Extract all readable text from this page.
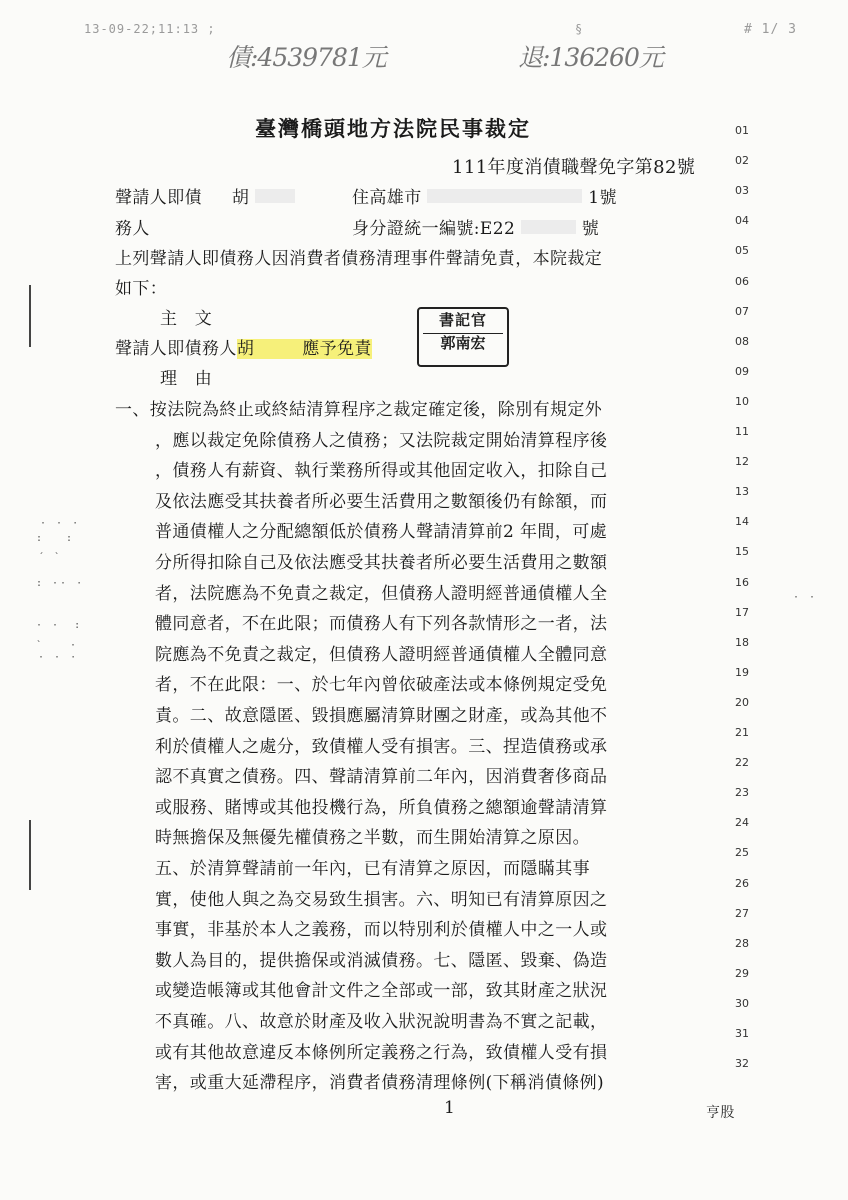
13-09-22;11:13 ;	§	# 1/ 3
債:4539781元	退:136260元
臺灣橋頭地方法院民事裁定
111年度消債職聲免字第82號
聲請人即債 胡	住高雄市	1號
務人	身分證統一編號:E22	號
上列聲請人即債務人因消費者債務清理事件聲請免責，本院裁定
如下：
主　文
聲請人即債務人胡	應予免責
書記官
郭南宏
理　由
一、按法院為終止或終結清算程序之裁定確定後，除別有規定外
，應以裁定免除債務人之債務；又法院裁定開始清算程序後
，債務人有薪資、執行業務所得或其他固定收入，扣除自己
及依法應受其扶養者所必要生活費用之數額後仍有餘額，而
普通債權人之分配總額低於債務人聲請清算前2 年間，可處
分所得扣除自己及依法應受其扶養者所必要生活費用之數額
者，法院應為不免責之裁定，但債務人證明經普通債權人全
體同意者，不在此限；而債務人有下列各款情形之一者，法
院應為不免責之裁定，但債務人證明經普通債權人全體同意
者，不在此限：一、於七年內曾依破產法或本條例規定受免
責。二、故意隱匿、毀損應屬清算財團之財產，或為其他不
利於債權人之處分，致債權人受有損害。三、捏造債務或承
認不真實之債務。四、聲請清算前二年內，因消費奢侈商品
或服務、賭博或其他投機行為，所負債務之總額逾聲請清算
時無擔保及無優先權債務之半數，而生開始清算之原因。
五、於清算聲請前一年內，已有清算之原因，而隱瞞其事
實，使他人與之為交易致生損害。六、明知已有清算原因之
事實，非基於本人之義務，而以特別利於債權人中之一人或
數人為目的，提供擔保或消滅債務。七、隱匿、毀棄、偽造
或變造帳簿或其他會計文件之全部或一部，致其財產之狀況
不真確。八、故意於財產及收入狀況說明書為不實之記載，
或有其他故意違反本條例所定義務之行為，致債權人受有損
害，或重大延滯程序，消費者債務清理條例(下稱消債條例)
01
02
03
04
05
06
07
08
09
10
11
12
13
14
15
16
17
18
19
20
21
22
23
24
25
26
27
28
29
30
31
32
· · ·
: :
´ `
: ·· ·
· · :
`	·
· · ·
· ·
1	亨股
